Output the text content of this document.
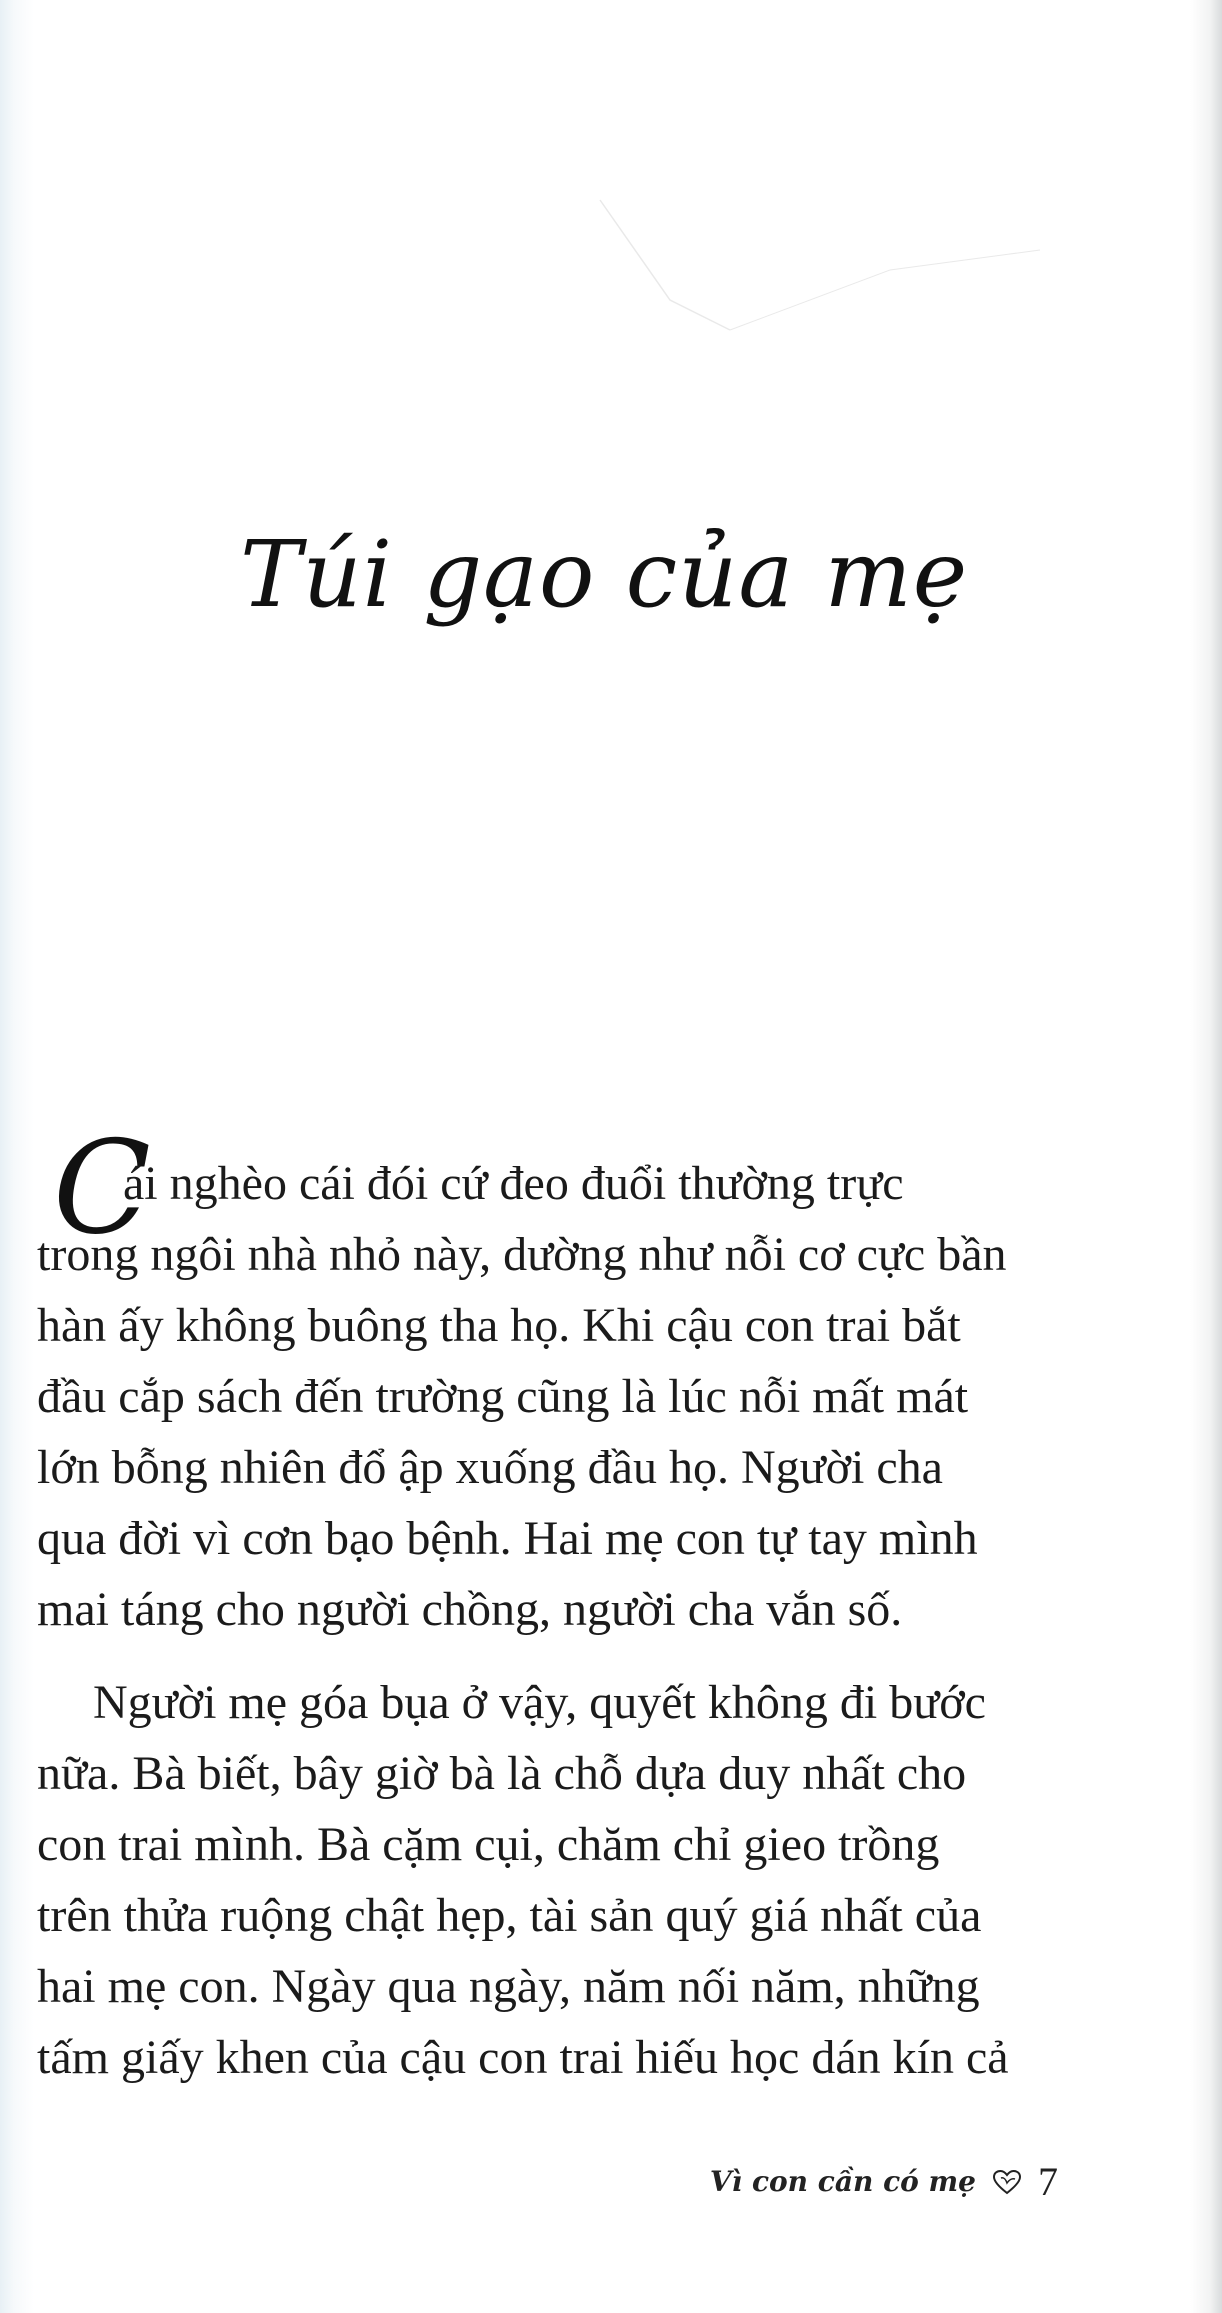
Túi gạo của mẹ
C

ái nghèo cái đói cứ đeo đuổi thường trực
trong ngôi nhà nhỏ này, dường như nỗi cơ cực bần
hàn ấy không buông tha họ. Khi cậu con trai bắt
đầu cắp sách đến trường cũng là lúc nỗi mất mát
lớn bỗng nhiên đổ ập xuống đầu họ. Người cha
qua đời vì cơn bạo bệnh. Hai mẹ con tự tay mình
mai táng cho người chồng, người cha vắn số.

Người mẹ góa bụa ở vậy, quyết không đi bước
nữa. Bà biết, bây giờ bà là chỗ dựa duy nhất cho
con trai mình. Bà cặm cụi, chăm chỉ gieo trồng
trên thửa ruộng chật hẹp, tài sản quý giá nhất của
hai mẹ con. Ngày qua ngày, năm nối năm, những
tấm giấy khen của cậu con trai hiếu học dán kín cả

Vì con cần có mẹ 7
